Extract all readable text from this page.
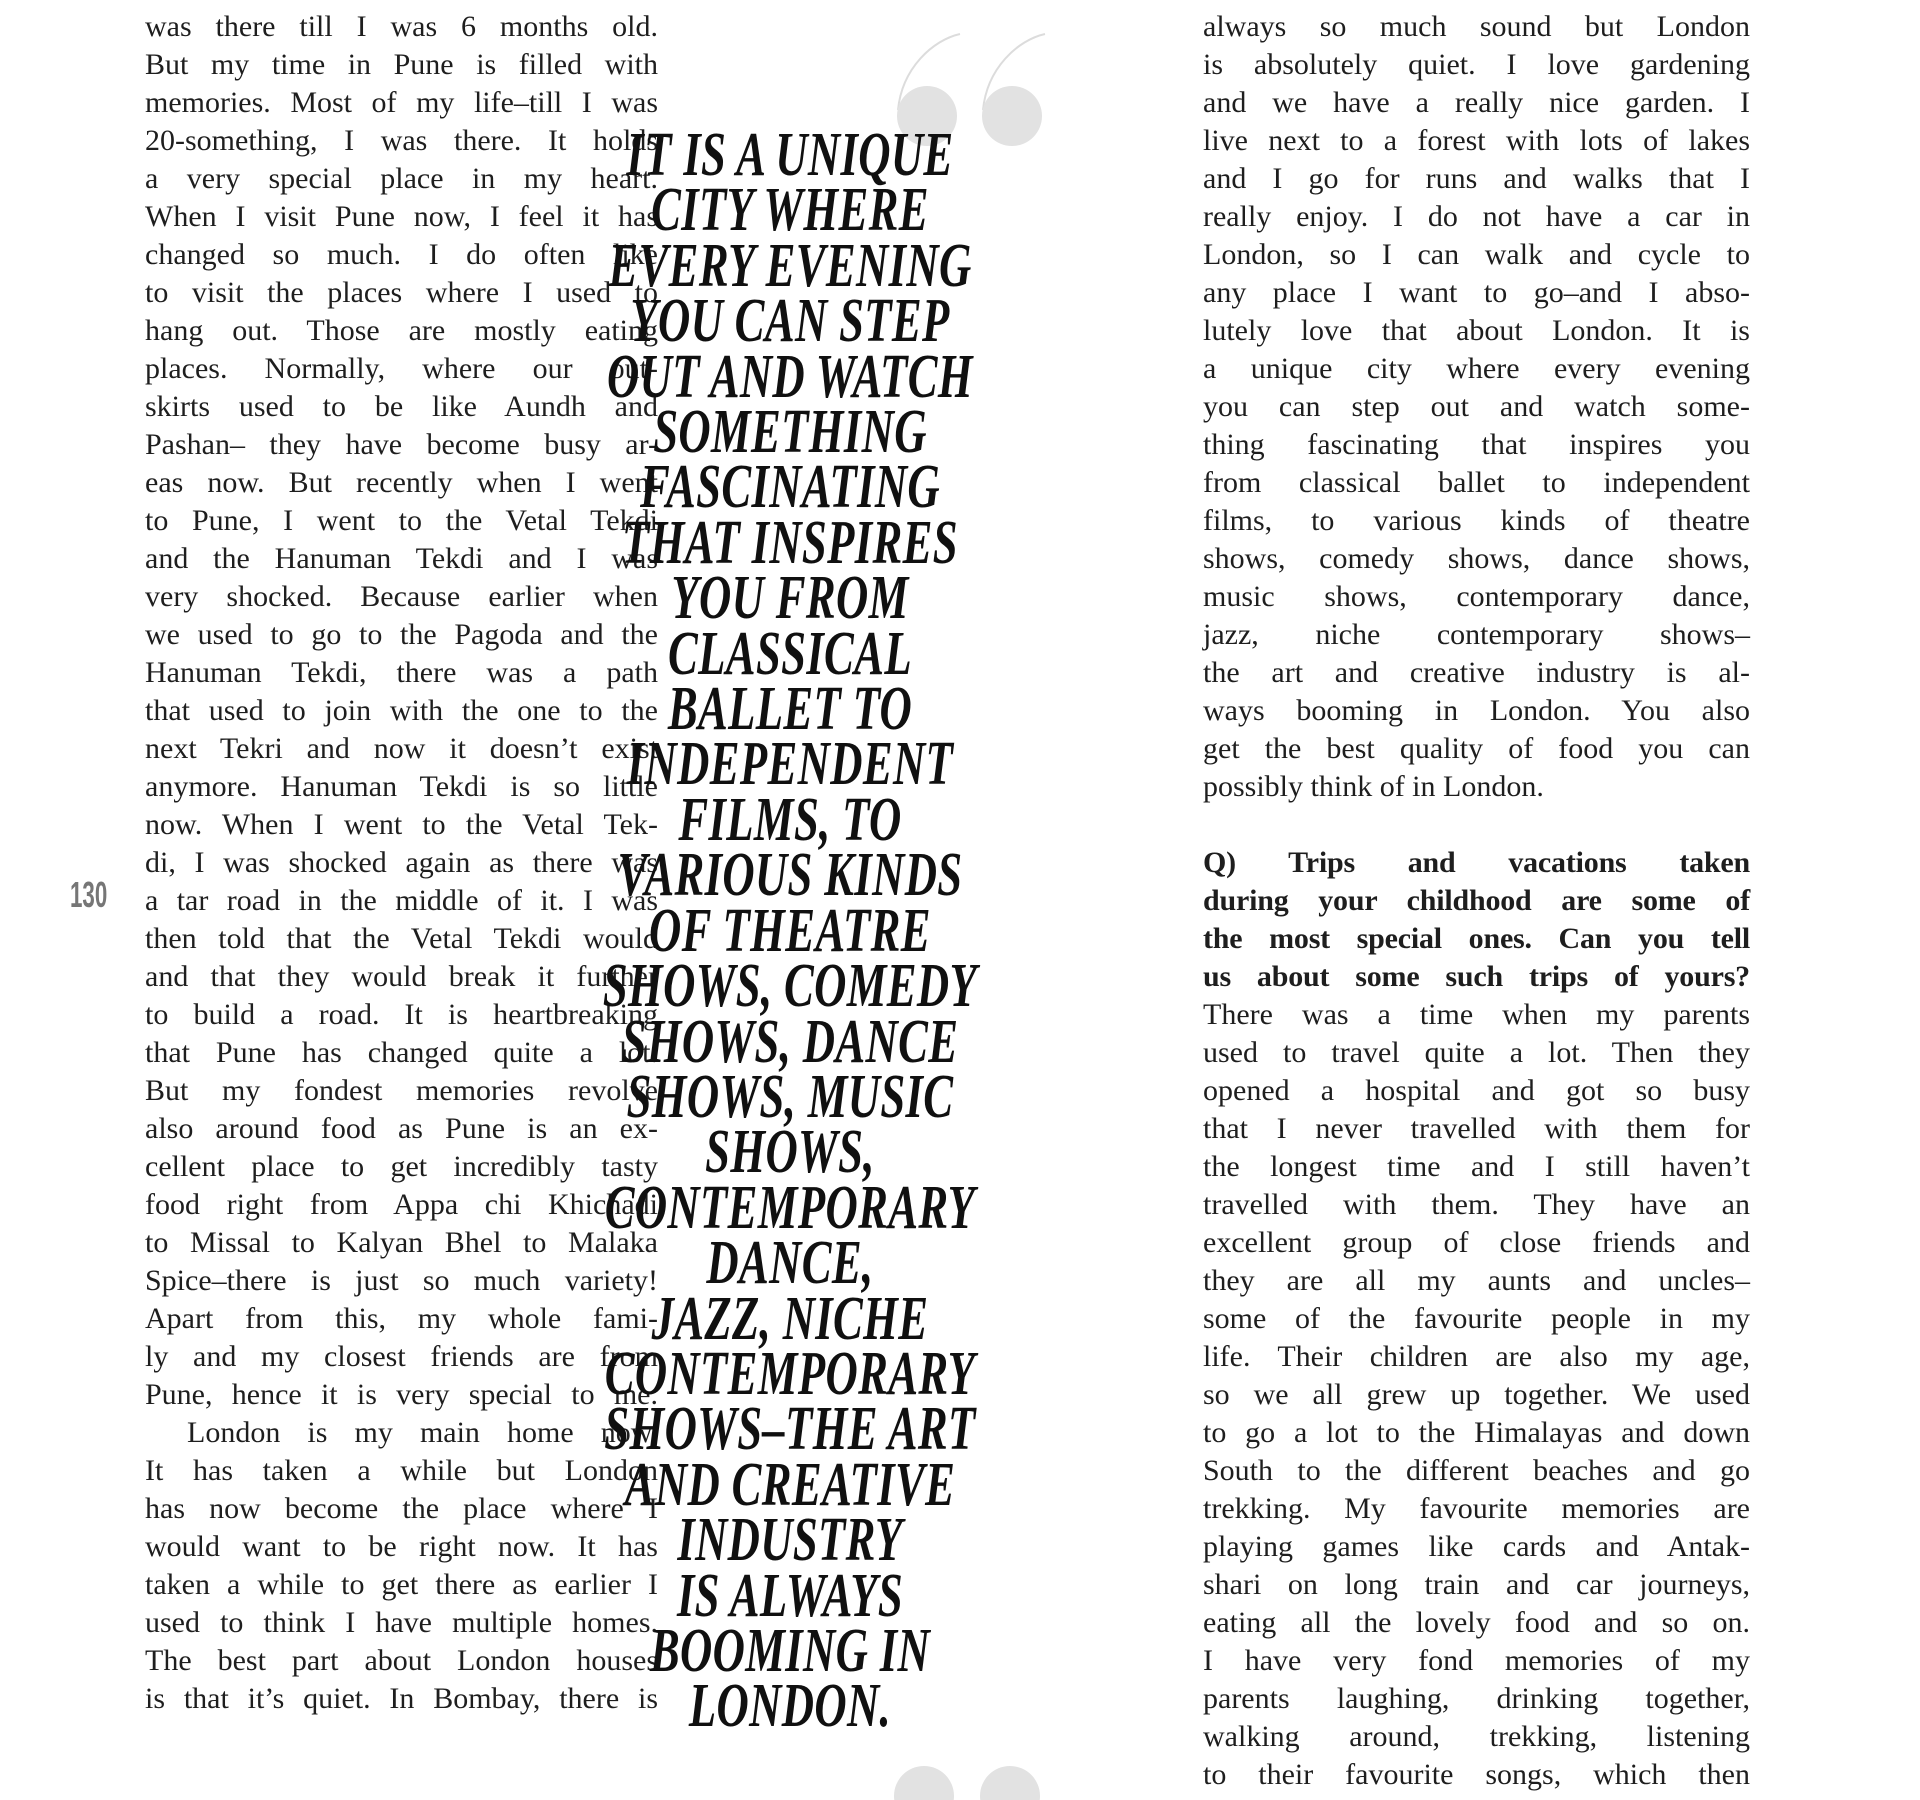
was there till I was 6 months old.
But my time in Pune is filled with
memories. Most of my life–till I was
20-something, I was there. It holds
a very special place in my heart.
When I visit Pune now, I feel it has
changed so much. I do often like
to visit the places where I used to
hang out. Those are mostly eating
places. Normally, where our out-
skirts used to be like Aundh and
Pashan– they have become busy ar-
eas now. But recently when I went
to Pune, I went to the Vetal Tekdi
and the Hanuman Tekdi and I was
very shocked. Because earlier when
we used to go to the Pagoda and the
Hanuman Tekdi, there was a path
that used to join with the one to the
next Tekri and now it doesn’t exist
anymore. Hanuman Tekdi is so little
now. When I went to the Vetal Tek-
di, I was shocked again as there was
a tar road in the middle of it. I was
then told that the Vetal Tekdi would
and that they would break it further
to build a road. It is heartbreaking
that Pune has changed quite a lot.
But my fondest memories revolve
also around food as Pune is an ex-
cellent place to get incredibly tasty
food right from Appa chi Khichadi
to Missal to Kalyan Bhel to Malaka
Spice–there is just so much variety!
Apart from this, my whole fami-
ly and my closest friends are from
Pune, hence it is very special to me.
London is my main home now.
It has taken a while but London
has now become the place where I
would want to be right now. It has
taken a while to get there as earlier I
used to think I have multiple homes.
The best part about London houses
is that it’s quiet. In Bombay, there is
130
IT IS A UNIQUE
CITY WHERE
EVERY EVENING
YOU CAN STEP
OUT AND WATCH
SOMETHING
FASCINATING
THAT INSPIRES
YOU FROM
CLASSICAL
BALLET TO
INDEPENDENT
FILMS, TO
VARIOUS KINDS
OF THEATRE
SHOWS, COMEDY
SHOWS, DANCE
SHOWS, MUSIC
SHOWS,
CONTEMPORARY
DANCE,
JAZZ, NICHE
CONTEMPORARY
SHOWS–THE ART
AND CREATIVE
INDUSTRY
IS ALWAYS
BOOMING IN
LONDON.
always so much sound but London
is absolutely quiet. I love gardening
and we have a really nice garden. I
live next to a forest with lots of lakes
and I go for runs and walks that I
really enjoy. I do not have a car in
London, so I can walk and cycle to
any place I want to go–and I abso-
lutely love that about London. It is
a unique city where every evening
you can step out and watch some-
thing fascinating that inspires you
from classical ballet to independent
films, to various kinds of theatre
shows, comedy shows, dance shows,
music shows, contemporary dance,
jazz, niche contemporary shows–
the art and creative industry is al-
ways booming in London. You also
get the best quality of food you can
possibly think of in London.
Q) Trips and vacations taken
during your childhood are some of
the most special ones. Can you tell
us about some such trips of yours?
There was a time when my parents
used to travel quite a lot. Then they
opened a hospital and got so busy
that I never travelled with them for
the longest time and I still haven’t
travelled with them. They have an
excellent group of close friends and
they are all my aunts and uncles–
some of the favourite people in my
life. Their children are also my age,
so we all grew up together. We used
to go a lot to the Himalayas and down
South to the different beaches and go
trekking. My favourite memories are
playing games like cards and Antak-
shari on long train and car journeys,
eating all the lovely food and so on.
I have very fond memories of my
parents laughing, drinking together,
walking around, trekking, listening
to their favourite songs, which then
